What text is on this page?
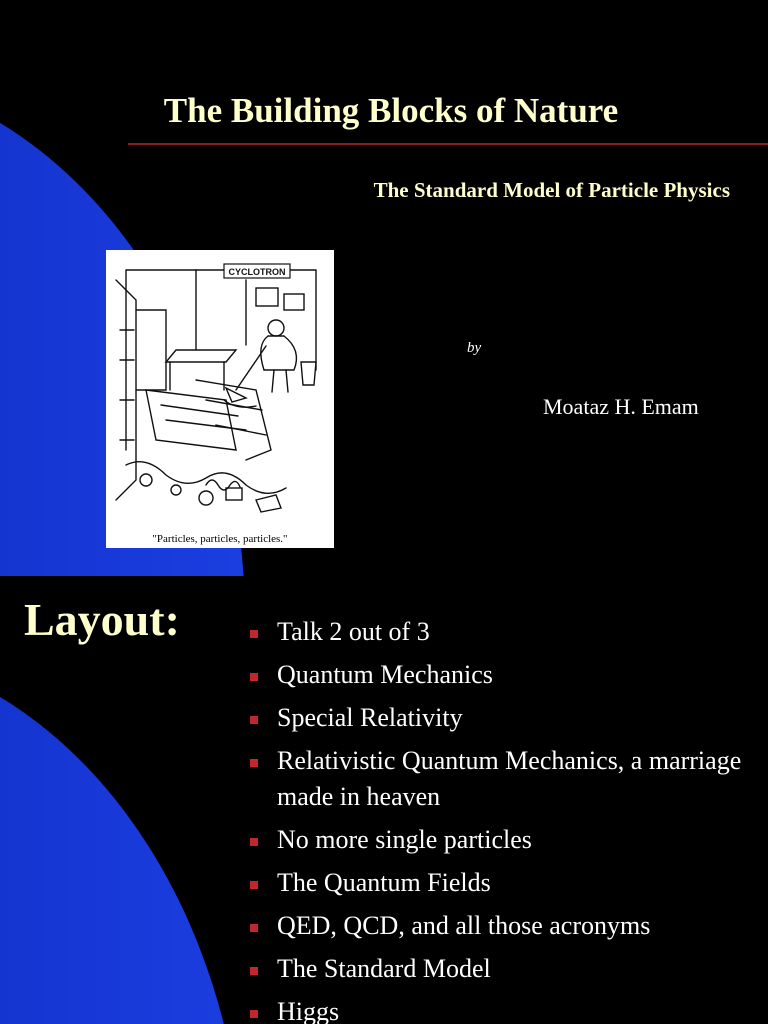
The Building Blocks of Nature
The Standard Model of Particle Physics
CYCLOTRON
"Particles, particles, particles."
by
Moataz H. Emam
Layout:	Talk 2 out of 3
Quantum Mechanics
Special Relativity
Relativistic Quantum Mechanics, a marriage made in heaven
No more single particles
The Quantum Fields
QED, QCD, and all those acronyms
The Standard Model
Higgs
